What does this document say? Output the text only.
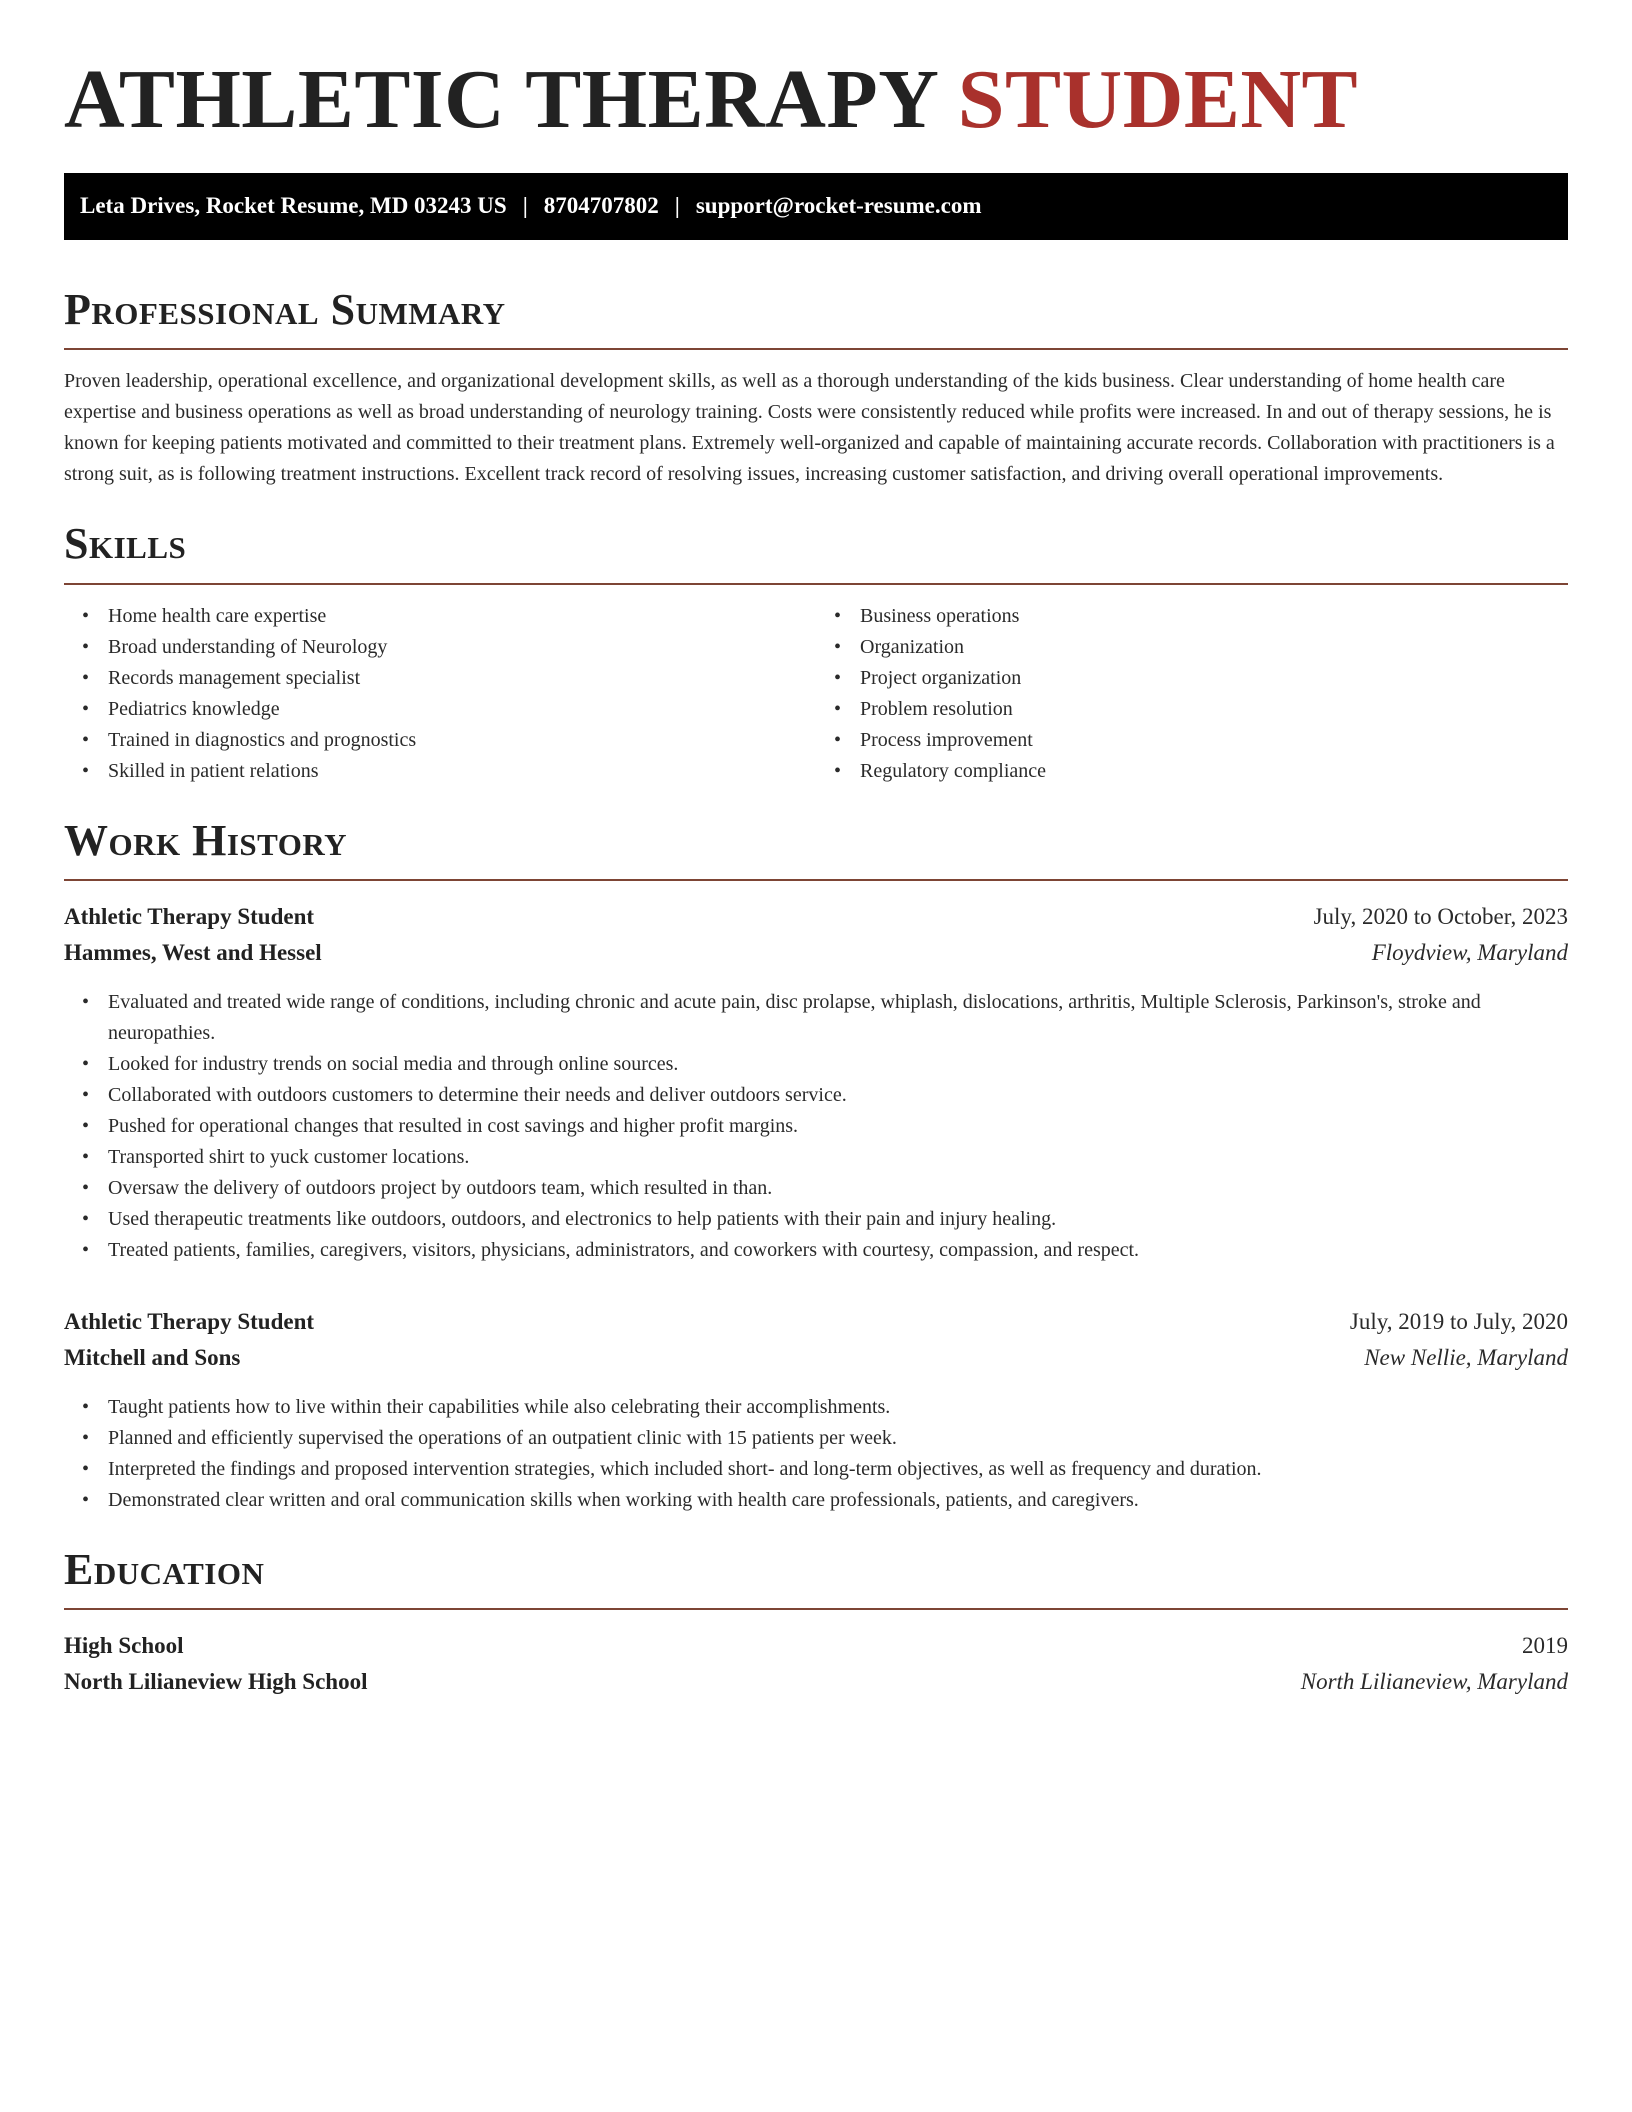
ATHLETIC THERAPY STUDENT
Leta Drives, Rocket Resume, MD 03243 US | 8704707802 | support@rocket-resume.com
Professional Summary

Proven leadership, operational excellence, and organizational development skills, as well as a thorough understanding of the kids business. Clear understanding of home health care expertise and business operations as well as broad understanding of neurology training. Costs were consistently reduced while profits were increased. In and out of therapy sessions, he is known for keeping patients motivated and committed to their treatment plans. Extremely well-organized and capable of maintaining accurate records. Collaboration with practitioners is a strong suit, as is following treatment instructions. Excellent track record of resolving issues, increasing customer satisfaction, and driving overall operational improvements.

Skills
• Home health care expertise
• Broad understanding of Neurology
• Records management specialist
• Pediatrics knowledge
• Trained in diagnostics and prognostics
• Skilled in patient relations
• Business operations
• Organization
• Project organization
• Problem resolution
• Process improvement
• Regulatory compliance
Work History
Athletic Therapy Student	July, 2020 to October, 2023
Hammes, West and Hessel	Floydview, Maryland
• Evaluated and treated wide range of conditions, including chronic and acute pain, disc prolapse, whiplash, dislocations, arthritis, Multiple Sclerosis, Parkinson's, stroke and neuropathies.
• Looked for industry trends on social media and through online sources.
• Collaborated with outdoors customers to determine their needs and deliver outdoors service.
• Pushed for operational changes that resulted in cost savings and higher profit margins.
• Transported shirt to yuck customer locations.
• Oversaw the delivery of outdoors project by outdoors team, which resulted in than.
• Used therapeutic treatments like outdoors, outdoors, and electronics to help patients with their pain and injury healing.
• Treated patients, families, caregivers, visitors, physicians, administrators, and coworkers with courtesy, compassion, and respect.
Athletic Therapy Student	July, 2019 to July, 2020
Mitchell and Sons	New Nellie, Maryland
• Taught patients how to live within their capabilities while also celebrating their accomplishments.
• Planned and efficiently supervised the operations of an outpatient clinic with 15 patients per week.
• Interpreted the findings and proposed intervention strategies, which included short- and long-term objectives, as well as frequency and duration.
• Demonstrated clear written and oral communication skills when working with health care professionals, patients, and caregivers.
Education
High School	2019
North Lilianeview High School	North Lilianeview, Maryland
